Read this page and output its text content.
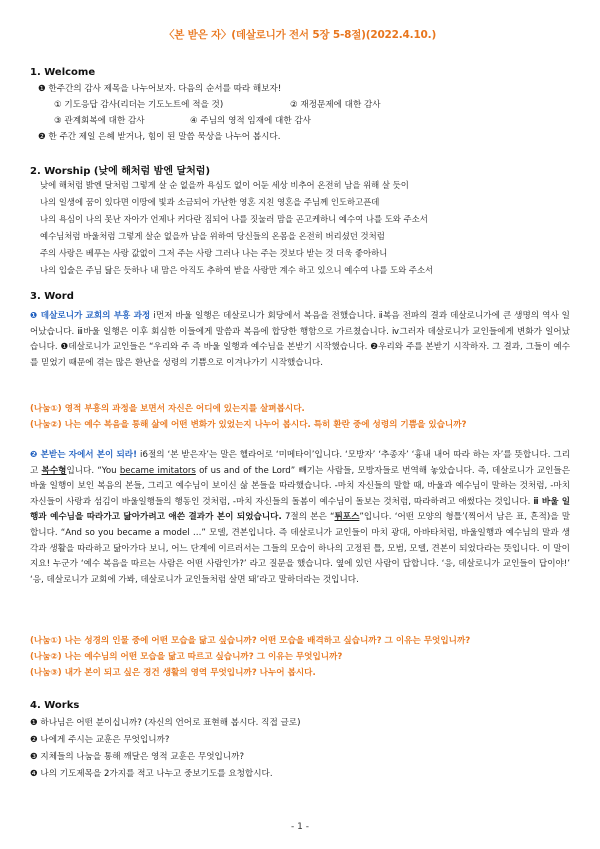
〈본 받은 자〉(데살로니가 전서 5장 5-8절)(2022.4.10.)
1. Welcome
❶ 한주간의 감사 제목을 나누어보자. 다음의 순서를 따라 해보자!
① 기도응답 감사(리더는 기도노트에 적을 것)	② 재정문제에 대한 감사
③ 관계회복에 대한 감사	④ 주님의 영적 임재에 대한 감사
❷ 한 주간 제일 은혜 받거나, 힘이 된 말씀 묵상을 나누어 봅시다.
2. Worship (낮에 해처럼 밤엔 달처럼)
낮에 해처럼 밝엔 달처럼 그렇게 살 순 없을까 욕심도 없이 어둔 세상 비추어 온전히 남을 위해 살 듯이
나의 일생에 꿈이 있다면 이땅에 빛과 소금되어 가난한 영혼 지친 영혼을 주님께 인도하고픈데
나의 욕심이 나의 못난 자아가 언제나 커다란 짐되어 나를 짓눌러 맘을 곤고케하니 예수여 나를 도와 주소서
예수님처럼 바울처럼 그렇게 살순 없을까 남을 위하여 당신들의 온몸을 온전히 버리셨던 것처럼
주의 사랑은 베푸는 사랑 값없이 그저 주는 사랑 그러나 나는 주는 것보다 받는 것 더욱 좋아하니
나의 입술은 주님 닮은 듯하나 내 맘은 아직도 추하여 받을 사랑만 계수 하고 있으니 예수여 나를 도와 주소서
3. Word
❶ 데살로니가 교회의 부흥 과정 ⅰ먼저 바울 일행은 데살로니가 회당에서 복음을 전했습니다. ⅱ복음 전파의 결과 데살로니가에 큰 생명의 역사 일어났습니다. ⅲ바울 일행은 이후 회심한 이들에게 말씀과 복음에 합당한 행함으로 가르쳤습니다. ⅳ그러자 데살로니가 교인들에게 변화가 일어났습니다. ❶데살로니가 교인들은 “우리와 주 즉 바울 일행과 예수님을 본받기 시작했습니다. ❷우리와 주를 본받기 시작하자. 그 결과, 그들이 예수를 믿었기 때문에 겪는 많은 환난을 성령의 기쁨으로 이겨나가기 시작했습니다.
(나눔①) 영적 부흥의 과정을 보면서 자신은 어디에 있는지를 살펴봅시다.
(나눔②) 나는 예수 복음을 통해 삶에 어떤 변화가 있었는지 나누어 봅시다. 특히 환란 중에 성령의 기쁨을 있습니까?
❷ 본받는 자에서 본이 되라! ⅰ6절의 ‘본 받은자’는 말은 헬라어로 ‘미메타이’입니다. ‘모방자’ ‘추종자’ ‘흉내 내어 따라 하는 자’를 뜻합니다. 그리고 복수형입니다. “You became imitators of us and of the Lord” 빼기는 사람들, 모방자들로 번역해 놓았습니다. 즉, 데살로니가 교인들은 바울 일행이 보인 복음의 본들, 그리고 예수님이 보이신 삶 본들을 따라했습니다. -마치 자신들의 말할 때, 바울과 예수님이 말하는 것처럼, -마치 자신들이 사랑과 섬김이 바울일행들의 행동인 것처럼, -마치 자신들의 돌봄이 예수님이 돌보는 것처럼, 따라하려고 애썼다는 것입니다. ⅱ 바울 일행과 예수님을 따라가고 닮아가려고 애쓴 결과가 본이 되었습니다. 7절의 본은 “튀포스”입니다. ‘어떤 모양의 형틀’(찍어서 남은 표, 흔적)을 말합니다. “And so you became a model …” 모델, 견본입니다. 즉 데살로니가 교인들이 마치 광대, 아바타처럼, 바울일행과 예수님의 말과 생각과 생활을 따라하고 닮아가다 보니, 어느 단계에 이르러서는 그들의 모습이 하나의 고정된 틀, 모범, 모델, 견본이 되었다라는 뜻입니다. 이 말이지요! 누군가 ‘예수 복음을 따르는 사람은 어떤 사람인가?’ 라고 질문을 했습니다. 옆에 있던 사람이 답합니다. ‘응, 데살로니가 교인들이 답이야!’ ‘응, 데살로니가 교회에 가봐, 데살로니가 교인들처럼 살면 돼’라고 말하더라는 것입니다.
(나눔①) 나는 성경의 인물 중에 어떤 모습을 닮고 싶습니까? 어떤 모습을 배격하고 싶습니까? 그 이유는 무엇입니까?
(나눔②) 나는 예수님의 어떤 모습을 닮고 따르고 싶습니까? 그 이유는 무엇입니까?
(나눔③) 내가 본이 되고 싶은 경건 생활의 영역 무엇입니까? 나누어 봅시다.
4. Works
❶ 하나님은 어떤 분이십니까? (자신의 언어로 표현해 봅시다. 직접 글로)
❷ 나에게 주시는 교훈은 무엇입니까?
❸ 지체들의 나눔을 통해 깨달은 영적 교훈은 무엇입니까?
❹ 나의 기도제목을 2가지를 적고 나누고 중보기도를 요청합시다.
- 1 -
